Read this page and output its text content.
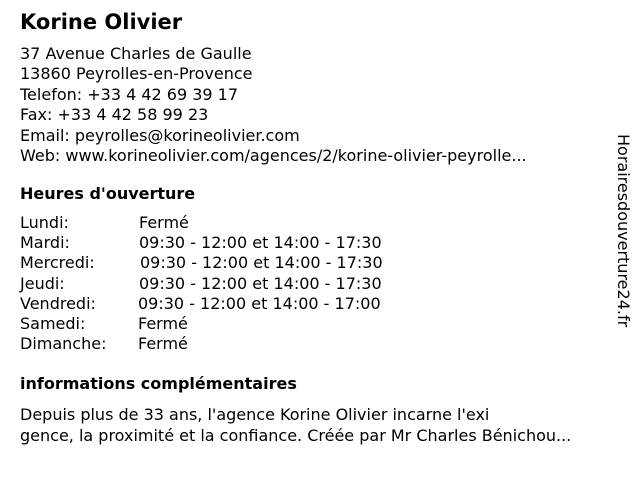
Korine Olivier
37 Avenue Charles de Gaulle
13860 Peyrolles-en-Provence
Telefon: +33 4 42 69 39 17
Fax: +33 4 42 58 99 23
Email: peyrolles@korineolivier.com
Web: www.korineolivier.com/agences/2/korine-olivier-peyrolle...
Heures d'ouverture
Lundi:	Fermé
Mardi:	09:30 - 12:00 et 14:00 - 17:30
Mercredi:	09:30 - 12:00 et 14:00 - 17:30
Jeudi:	09:30 - 12:00 et 14:00 - 17:30
Vendredi:	09:30 - 12:00 et 14:00 - 17:00
Samedi:	Fermé
Dimanche: Fermé
informations complémentaires
Depuis plus de 33 ans, l'agence Korine Olivier incarne l'exi
gence, la proximité et la confiance. Créée par Mr Charles Bénichou...
Horairesdouverture24.fr
